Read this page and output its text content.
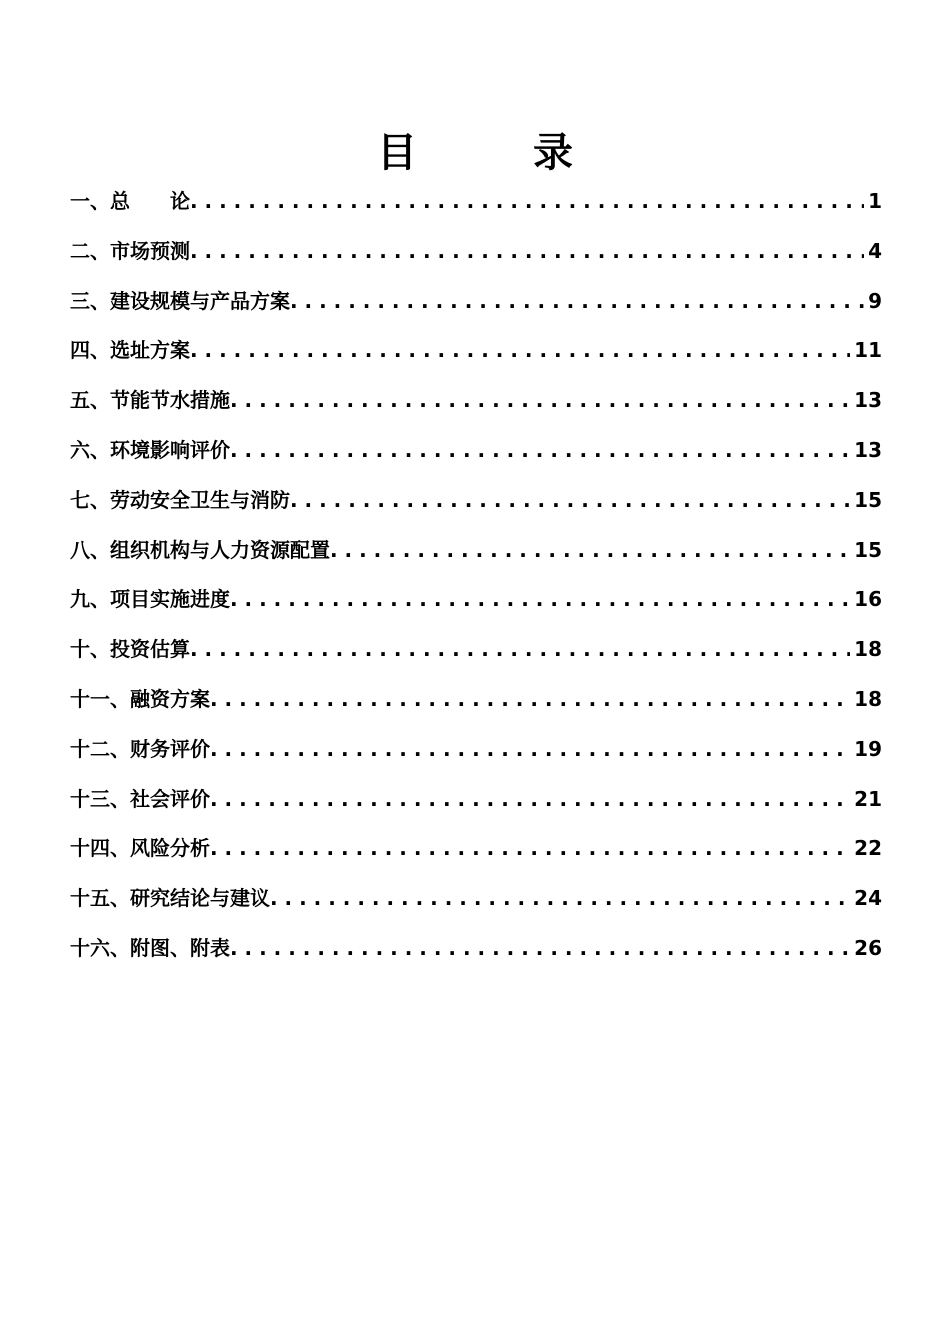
目　录
一、总　　论 . . .	1
二、市场预测 . . .	4
三、建设规模与产品方案 . . .	9
四、选址方案 . . .	11
五、节能节水措施 . . .	13
六、环境影响评价 . . .	13
七、劳动安全卫生与消防 . . .	15
八、组织机构与人力资源配置 . . .	15
九、项目实施进度 . . .	16
十、投资估算 . . .	18
十一、融资方案 . . .	18
十二、财务评价 . . .	19
十三、社会评价 . . .	21
十四、风险分析 . . .	22
十五、研究结论与建议 . . .	24
十六、附图、附表 . . .	26
